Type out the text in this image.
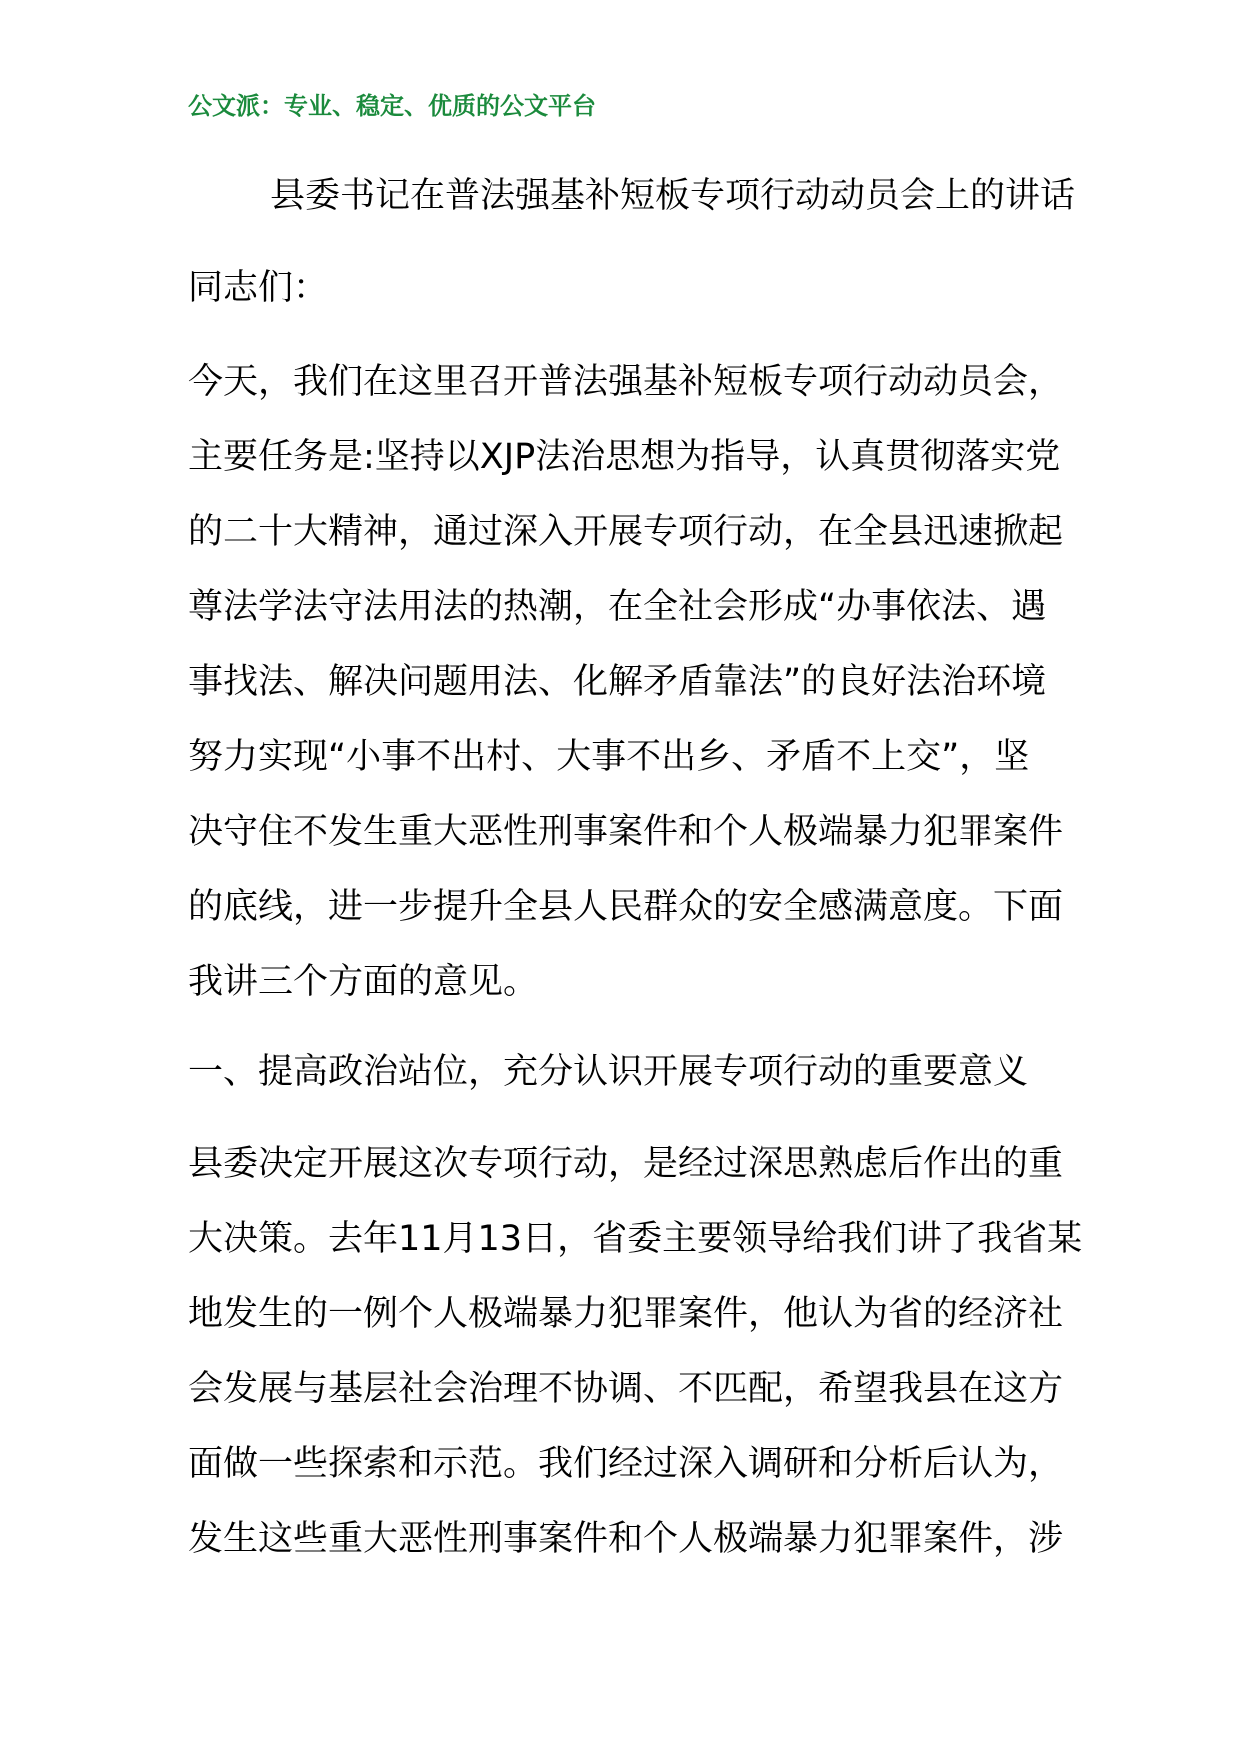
公文派：专业、稳定、优质的公文平台
县委书记在普法强基补短板专项行动动员会上的讲话
同志们：
今天，我们在这里召开普法强基补短板专项行动动员会，
主要任务是:坚持以XJP法治思想为指导，认真贯彻落实党
的二十大精神，通过深入开展专项行动，在全县迅速掀起
尊法学法守法用法的热潮，在全社会形成“办事依法、遇
事找法、解决问题用法、化解矛盾靠法”的良好法治环境
努力实现“小事不出村、大事不出乡、矛盾不上交”，坚
决守住不发生重大恶性刑事案件和个人极端暴力犯罪案件
的底线，进一步提升全县人民群众的安全感满意度。下面
我讲三个方面的意见。
一、提高政治站位，充分认识开展专项行动的重要意义
县委决定开展这次专项行动，是经过深思熟虑后作出的重
大决策。去年11月13日，省委主要领导给我们讲了我省某
地发生的一例个人极端暴力犯罪案件，他认为省的经济社
会发展与基层社会治理不协调、不匹配，希望我县在这方
面做一些探索和示范。我们经过深入调研和分析后认为，
发生这些重大恶性刑事案件和个人极端暴力犯罪案件，涉
